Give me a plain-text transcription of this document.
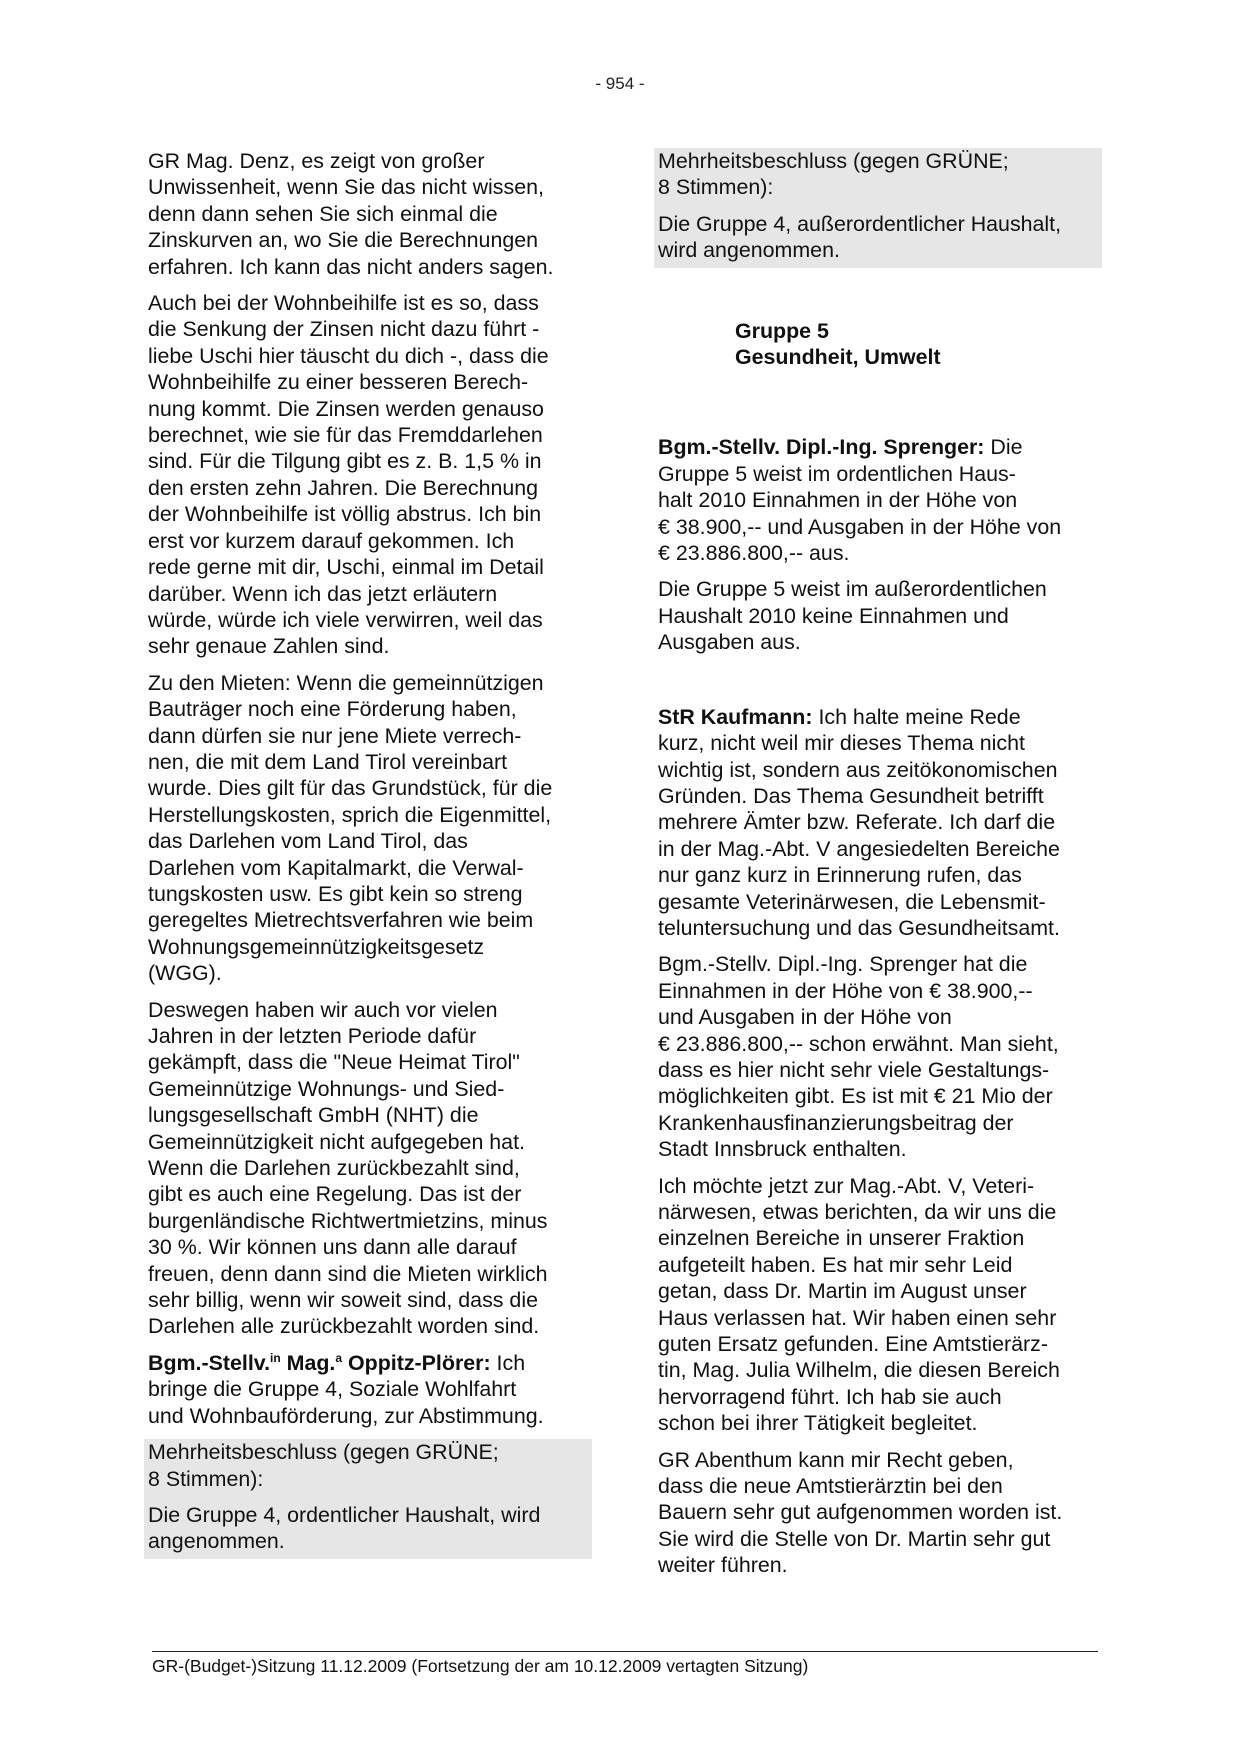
- 954 -

GR Mag. Denz, es zeigt von großer
Unwissenheit, wenn Sie das nicht wissen,
denn dann sehen Sie sich einmal die
Zinskurven an, wo Sie die Berechnungen
erfahren. Ich kann das nicht anders sagen.

Auch bei der Wohnbeihilfe ist es so, dass
die Senkung der Zinsen nicht dazu führt -
liebe Uschi hier täuscht du dich -, dass die
Wohnbeihilfe zu einer besseren Berech-
nung kommt. Die Zinsen werden genauso
berechnet, wie sie für das Fremddarlehen
sind. Für die Tilgung gibt es z. B. 1,5 % in
den ersten zehn Jahren. Die Berechnung
der Wohnbeihilfe ist völlig abstrus. Ich bin
erst vor kurzem darauf gekommen. Ich
rede gerne mit dir, Uschi, einmal im Detail
darüber. Wenn ich das jetzt erläutern
würde, würde ich viele verwirren, weil das
sehr genaue Zahlen sind.

Zu den Mieten: Wenn die gemeinnützigen
Bauträger noch eine Förderung haben,
dann dürfen sie nur jene Miete verrech-
nen, die mit dem Land Tirol vereinbart
wurde. Dies gilt für das Grundstück, für die
Herstellungskosten, sprich die Eigenmittel,
das Darlehen vom Land Tirol, das
Darlehen vom Kapitalmarkt, die Verwal-
tungskosten usw. Es gibt kein so streng
geregeltes Mietrechtsverfahren wie beim
Wohnungsgemeinnützigkeitsgesetz
(WGG).

Deswegen haben wir auch vor vielen
Jahren in der letzten Periode dafür
gekämpft, dass die "Neue Heimat Tirol"
Gemeinnützige Wohnungs- und Sied-
lungsgesellschaft GmbH (NHT) die
Gemeinnützigkeit nicht aufgegeben hat.
Wenn die Darlehen zurückbezahlt sind,
gibt es auch eine Regelung. Das ist der
burgenländische Richtwertmietzins, minus
30 %. Wir können uns dann alle darauf
freuen, denn dann sind die Mieten wirklich
sehr billig, wenn wir soweit sind, dass die
Darlehen alle zurückbezahlt worden sind.

Bgm.-Stellv.$^{in}$ Mag.$^a$ Oppitz-Plörer: Ich
bringe die Gruppe 4, Soziale Wohlfahrt
und Wohnbauförderung, zur Abstimmung.

Mehrheitsbeschluss (gegen GRÜNE;
8 Stimmen):

Die Gruppe 4, ordentlicher Haushalt, wird
angenommen.

Mehrheitsbeschluss (gegen GRÜNE;
8 Stimmen):

Die Gruppe 4, außerordentlicher Haushalt,
wird angenommen.

Gruppe 5
Gesundheit, Umwelt

Bgm.-Stellv. Dipl.-Ing. Sprenger: Die
Gruppe 5 weist im ordentlichen Haus-
halt 2010 Einnahmen in der Höhe von
€ 38.900,-- und Ausgaben in der Höhe von
€ 23.886.800,-- aus.

Die Gruppe 5 weist im außerordentlichen
Haushalt 2010 keine Einnahmen und
Ausgaben aus.

StR Kaufmann: Ich halte meine Rede
kurz, nicht weil mir dieses Thema nicht
wichtig ist, sondern aus zeitökonomischen
Gründen. Das Thema Gesundheit betrifft
mehrere Ämter bzw. Referate. Ich darf die
in der Mag.-Abt. V angesiedelten Bereiche
nur ganz kurz in Erinnerung rufen, das
gesamte Veterinärwesen, die Lebensmit-
teluntersuchung und das Gesundheitsamt.

Bgm.-Stellv. Dipl.-Ing. Sprenger hat die
Einnahmen in der Höhe von € 38.900,--
und Ausgaben in der Höhe von
€ 23.886.800,-- schon erwähnt. Man sieht,
dass es hier nicht sehr viele Gestaltungs-
möglichkeiten gibt. Es ist mit € 21 Mio der
Krankenhausfinanzierungsbeitrag der
Stadt Innsbruck enthalten.

Ich möchte jetzt zur Mag.-Abt. V, Veteri-
närwesen, etwas berichten, da wir uns die
einzelnen Bereiche in unserer Fraktion
aufgeteilt haben. Es hat mir sehr Leid
getan, dass Dr. Martin im August unser
Haus verlassen hat. Wir haben einen sehr
guten Ersatz gefunden. Eine Amtstierärz-
tin, Mag. Julia Wilhelm, die diesen Bereich
hervorragend führt. Ich hab sie auch
schon bei ihrer Tätigkeit begleitet.

GR Abenthum kann mir Recht geben,
dass die neue Amtstierärztin bei den
Bauern sehr gut aufgenommen worden ist.
Sie wird die Stelle von Dr. Martin sehr gut
weiter führen.

GR-(Budget-)Sitzung 11.12.2009 (Fortsetzung der am 10.12.2009 vertagten Sitzung)
